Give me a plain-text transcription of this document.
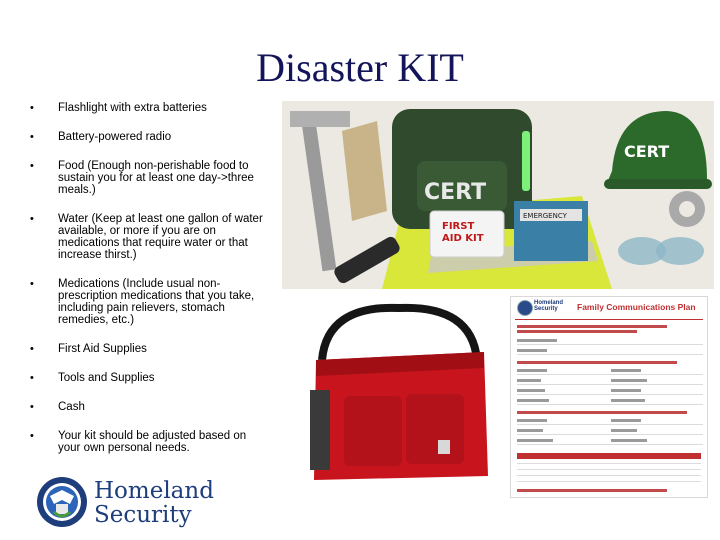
Disaster KIT
• Flashlight with extra batteries
• Battery-powered radio
• Food (Enough non-perishable food to sustain you for at least one day->three meals.)
• Water (Keep at least one gallon of water available, or more if you are on medications that require water or that increase thirst.)
• Medications (Include usual non-prescription medications that you take, including pain relievers, stomach remedies, etc.)
• First Aid Supplies
• Tools and Supplies
• Cash
• Your kit should be adjusted based on your own personal needs.
CERT
FIRST
AID KIT
EMERGENCY
CERT
Homeland
Security	Family Communications Plan
Homeland
Security
